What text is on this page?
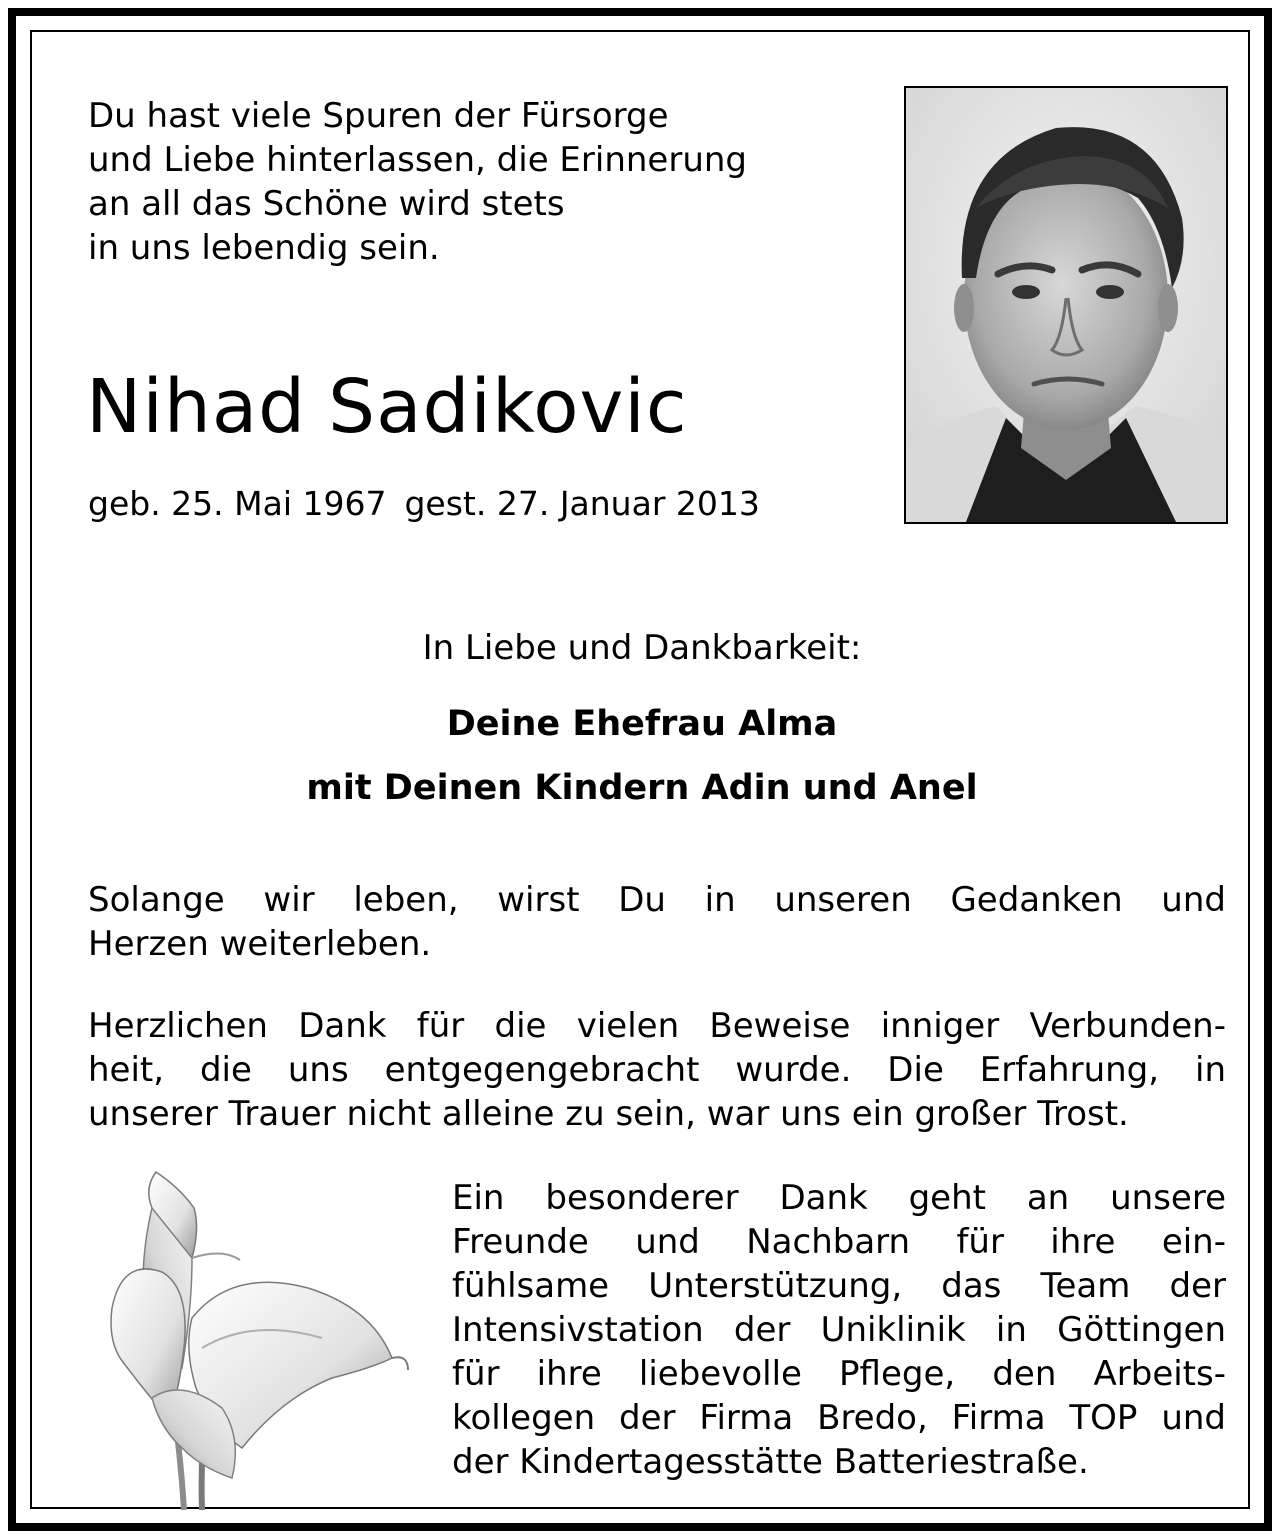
Du hast viele Spuren der Fürsorge
und Liebe hinterlassen, die Erinnerung
an all das Schöne wird stets
in uns lebendig sein.
Nihad Sadikovic
geb. 25. Mai 1967 gest. 27. Januar 2013
In Liebe und Dankbarkeit:
Deine Ehefrau Alma
mit Deinen Kindern Adin und Anel
Solange wir leben, wirst Du in unseren Gedanken und
Herzen weiterleben.
Herzlichen Dank für die vielen Beweise inniger Verbunden-
heit, die uns entgegengebracht wurde. Die Erfahrung, in
unserer Trauer nicht alleine zu sein, war uns ein großer Trost.
Ein besonderer Dank geht an unsere
Freunde und Nachbarn für ihre ein-
fühlsame Unterstützung, das Team der
Intensivstation der Uniklinik in Göttingen
für ihre liebevolle Pflege, den Arbeits-
kollegen der Firma Bredo, Firma TOP und
der Kindertagesstätte Batteriestraße.
